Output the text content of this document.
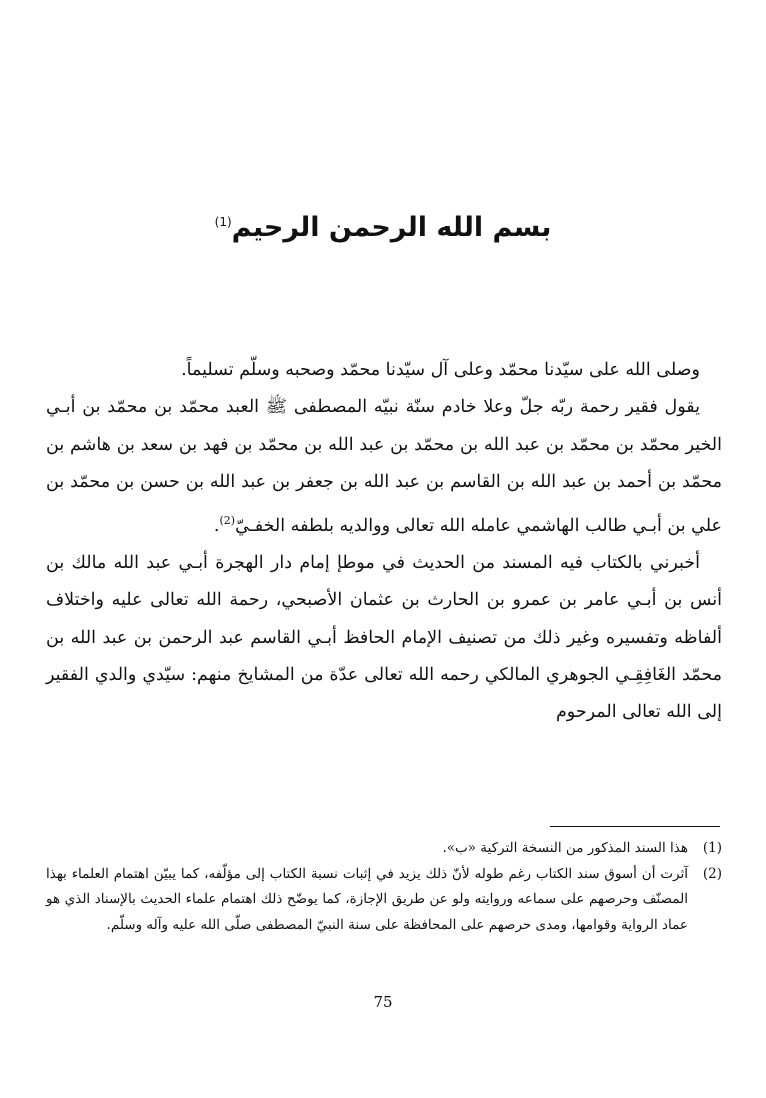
بسم الله الرحمن الرحيم$^{(1)}$

وصلى الله على سيّدنا محمّد وعلى آل سيّدنا محمّد وصحبه وسلّم تسليماً.

يقول فقير رحمة ربّه جلّ وعلا خادم سنّة نبيّه المصطفى ﷺ العبد محمّد بن محمّد بن أبـي الخير محمّد بن محمّد بن عبد الله بن محمّد بن عبد الله بن محمّد بن فهد بن سعد بن هاشم بن محمّد بن أحمد بن عبد الله بن القاسم بن عبد الله بن جعفر بن عبد الله بن حسن بن محمّد بن علي بن أبـي طالب الهاشمي عامله الله تعالى ووالديه بلطفه الخفـيّ$^{(2)}$.

أخبرني بالكتاب فيه المسند من الحديث في موطإ إمام دار الهجرة أبـي عبد الله مالك بن أنس بن أبـي عامر بن عمرو بن الحارث بن عثمان الأصبحي، رحمة الله تعالى عليه واختلاف ألفاظه وتفسيره وغير ذلك من تصنيف الإمام الحافظ أبـي القاسم عبد الرحمن بن عبد الله بن محمّد الغَافِقِـي الجوهري المالكي رحمه الله تعالى عدّة من المشايخ منهم: سيّدي والدي الفقير إلى الله تعالى المرحوم

(1)
هذا السند المذكور من النسخة التركية «ب».
(2)
آثرت أن أسوق سند الكتاب رغم طوله لأنّ ذلك يزيد في إثبات نسبة الكتاب إلى مؤلّفه، كما يبيّن اهتمام العلماء بهذا المصنّف وحرصهم على سماعه وروايته ولو عن طريق الإجازة، كما يوضّح ذلك اهتمام علماء الحديث بالإسناد الذي هو عماد الرواية وقوامها، ومدى حرصهم على المحافظة على سنة النبيّ المصطفى صلّى الله عليه وآله وسلّم.
75
